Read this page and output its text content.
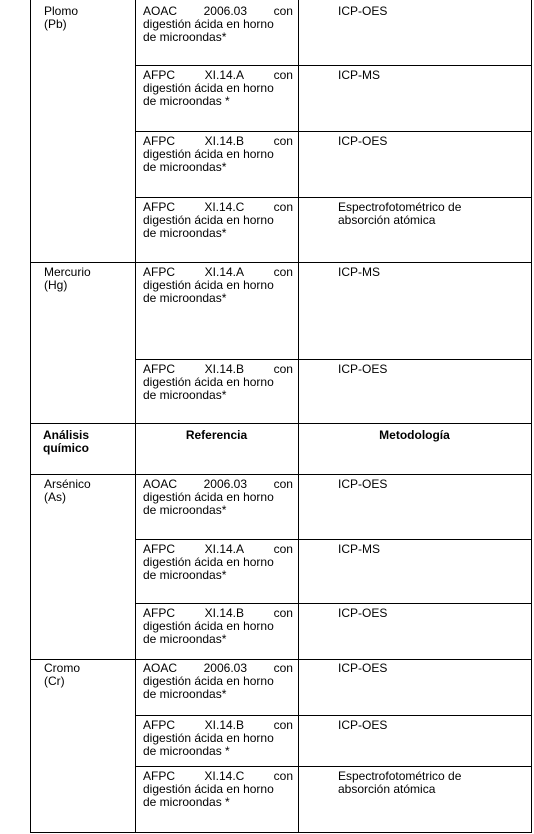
Plomo
(Pb)
Mercurio
(Hg)
AOAC 2006.03 con
digestión ácida en horno
de microondas*
AFPC XI.14.A con
digestión ácida en horno
de microondas *
AFPC XI.14.B con
digestión ácida en horno
de microondas*
AFPC XI.14.C con
digestión ácida en horno
de microondas*
AFPC XI.14.A con
digestión ácida en horno
de microondas*
AFPC XI.14.B con
digestión ácida en horno
de microondas*
ICP-OES
ICP-MS
ICP-OES
Espectrofotométrico de
absorción atómica
ICP-MS
ICP-OES
Análisis
químico
Referencia	Metodología
Arsénico
(As)
Cromo
(Cr)
AOAC 2006.03 con
digestión ácida en horno
de microondas*
AFPC XI.14.A con
digestión ácida en horno
de microondas*
AFPC XI.14.B con
digestión ácida en horno
de microondas*
AOAC 2006.03 con
digestión ácida en horno
de microondas*
AFPC XI.14.B con
digestión ácida en horno
de microondas *
AFPC XI.14.C con
digestión ácida en horno
de microondas *
ICP-OES
ICP-MS
ICP-OES
ICP-OES
ICP-OES
Espectrofotométrico de
absorción atómica
